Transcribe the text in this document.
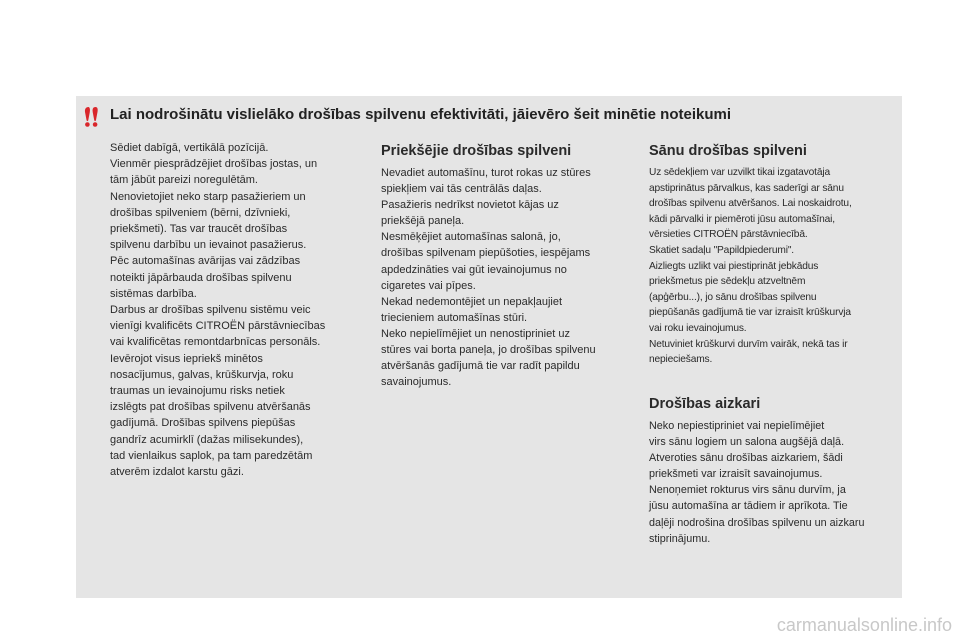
Lai nodrošinātu vislielāko drošības spilvenu efektivitāti, jāievēro šeit minētie noteikumi

Sēdiet dabīgā, vertikālā pozīcijā.
Vienmēr piesprādzējiet drošības jostas, un
tām jābūt pareizi noregulētām.
Nenovietojiet neko starp pasažieriem un
drošības spilveniem (bērni, dzīvnieki,
priekšmeti). Tas var traucēt drošības
spilvenu darbību un ievainot pasažierus.
Pēc automašīnas avārijas vai zādzības
noteikti jāpārbauda drošības spilvenu
sistēmas darbība.
Darbus ar drošības spilvenu sistēmu veic
vienīgi kvalificēts CITROËN pārstāvniecības
vai kvalificētas remontdarbnīcas personāls.
Ievērojot visus iepriekš minētos
nosacījumus, galvas, krūškurvja, roku
traumas un ievainojumu risks netiek
izslēgts pat drošības spilvenu atvēršanās
gadījumā. Drošības spilvens piepūšas
gandrīz acumirklī (dažas milisekundes),
tad vienlaikus saplok, pa tam paredzētām
atverēm izdalot karstu gāzi.

Priekšējie drošības spilveni

Nevadiet automašīnu, turot rokas uz stūres
spiekļiem vai tās centrālās daļas.
Pasažieris nedrīkst novietot kājas uz
priekšējā paneļa.
Nesmēķējiet automašīnas salonā, jo,
drošības spilvenam piepūšoties, iespējams
apdedzināties vai gūt ievainojumus no
cigaretes vai pīpes.
Nekad nedemontējiet un nepakļaujiet
triecieniem automašīnas stūri.
Neko nepielīmējiet un nenostipriniet uz
stūres vai borta paneļa, jo drošības spilvenu
atvēršanās gadījumā tie var radīt papildu
savainojumus.

Sānu drošības spilveni

Uz sēdekļiem var uzvilkt tikai izgatavotāja
apstiprinātus pārvalkus, kas saderīgi ar sānu
drošības spilvenu atvēršanos. Lai noskaidrotu,
kādi pārvalki ir piemēroti jūsu automašīnai,
vērsieties CITROËN pārstāvniecībā.
Skatiet sadaļu "Papildpiederumi".
Aizliegts uzlikt vai piestiprināt jebkādus
priekšmetus pie sēdekļu atzveltnēm
(apģērbu...), jo sānu drošības spilvenu
piepūšanās gadījumā tie var izraisīt krūškurvja
vai roku ievainojumus.
Netuviniet krūškurvi durvīm vairāk, nekā tas ir
nepieciešams.

Drošības aizkari

Neko nepiestipriniet vai nepielīmējiet
virs sānu logiem un salona augšējā daļā.
Atveroties sānu drošības aizkariem, šādi
priekšmeti var izraisīt savainojumus.
Nenoņemiet rokturus virs sānu durvīm, ja
jūsu automašīna ar tādiem ir aprīkota. Tie
daļēji nodrošina drošības spilvenu un aizkaru
stiprinājumu.

carmanualsonline.info
